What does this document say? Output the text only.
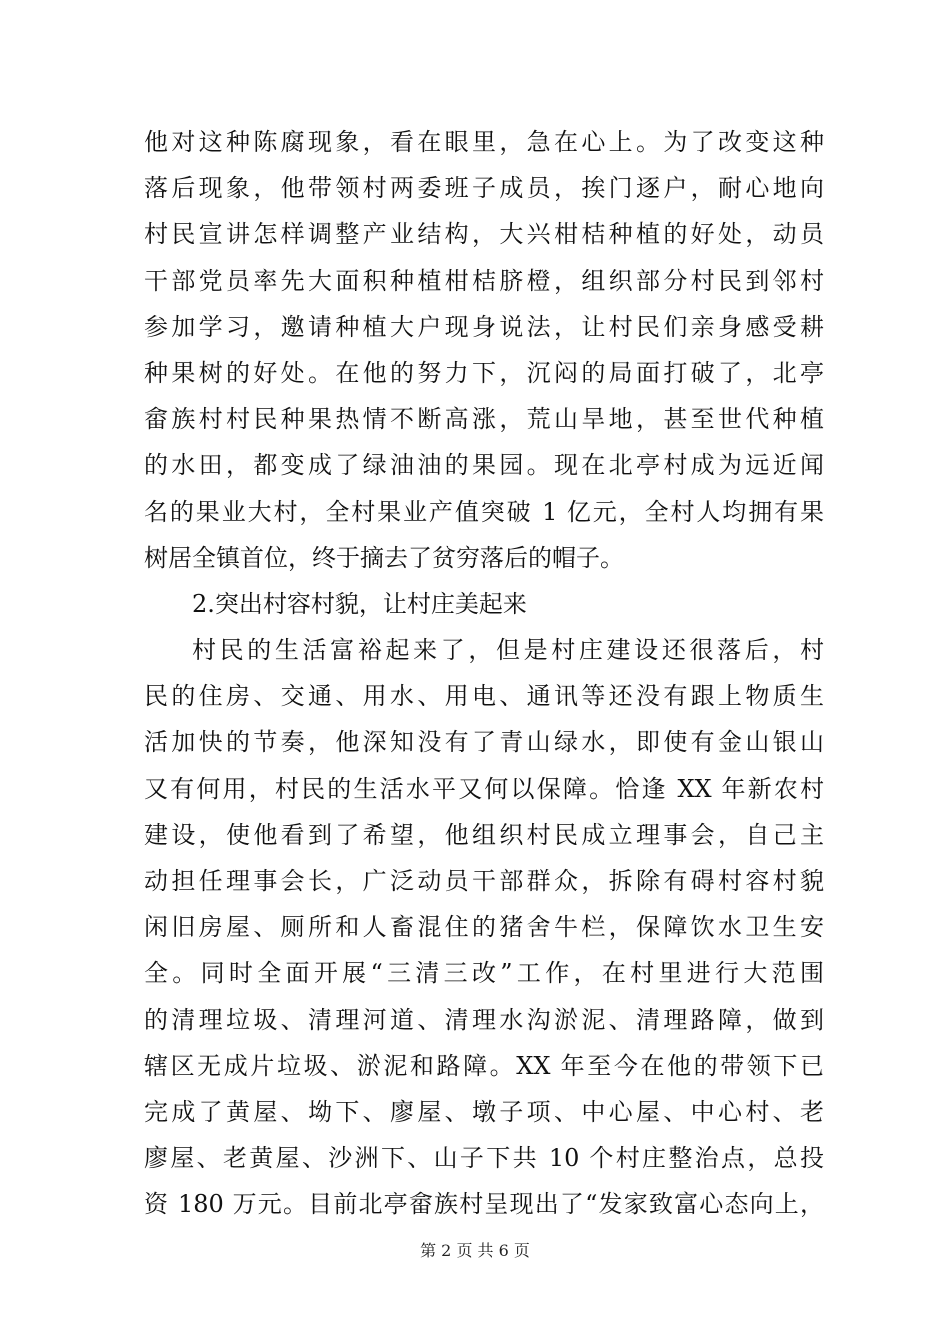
他对这种陈腐现象，看在眼里，急在心上。为了改变这种
落后现象，他带领村两委班子成员，挨门逐户，耐心地向
村民宣讲怎样调整产业结构，大兴柑桔种植的好处，动员
干部党员率先大面积种植柑桔脐橙，组织部分村民到邻村
参加学习，邀请种植大户现身说法，让村民们亲身感受耕
种果树的好处。在他的努力下，沉闷的局面打破了，北亭
畲族村村民种果热情不断高涨，荒山旱地，甚至世代种植
的水田，都变成了绿油油的果园。现在北亭村成为远近闻
名的果业大村，全村果业产值突破 1 亿元，全村人均拥有果
树居全镇首位，终于摘去了贫穷落后的帽子。
2.突出村容村貌，让村庄美起来
村民的生活富裕起来了，但是村庄建设还很落后，村
民的住房、交通、用水、用电、通讯等还没有跟上物质生
活加快的节奏，他深知没有了青山绿水，即使有金山银山
又有何用，村民的生活水平又何以保障。恰逢 XX 年新农村
建设，使他看到了希望，他组织村民成立理事会，自己主
动担任理事会长，广泛动员干部群众，拆除有碍村容村貌
闲旧房屋、厕所和人畜混住的猪舍牛栏，保障饮水卫生安
全。同时全面开展“三清三改”工作，在村里进行大范围
的清理垃圾、清理河道、清理水沟淤泥、清理路障，做到
辖区无成片垃圾、淤泥和路障。XX 年至今在他的带领下已
完成了黄屋、坳下、廖屋、墩子项、中心屋、中心村、老
廖屋、老黄屋、沙洲下、山子下共 10 个村庄整治点，总投
资 180 万元。目前北亭畲族村呈现出了“发家致富心态向上，
第 2 页 共 6 页
